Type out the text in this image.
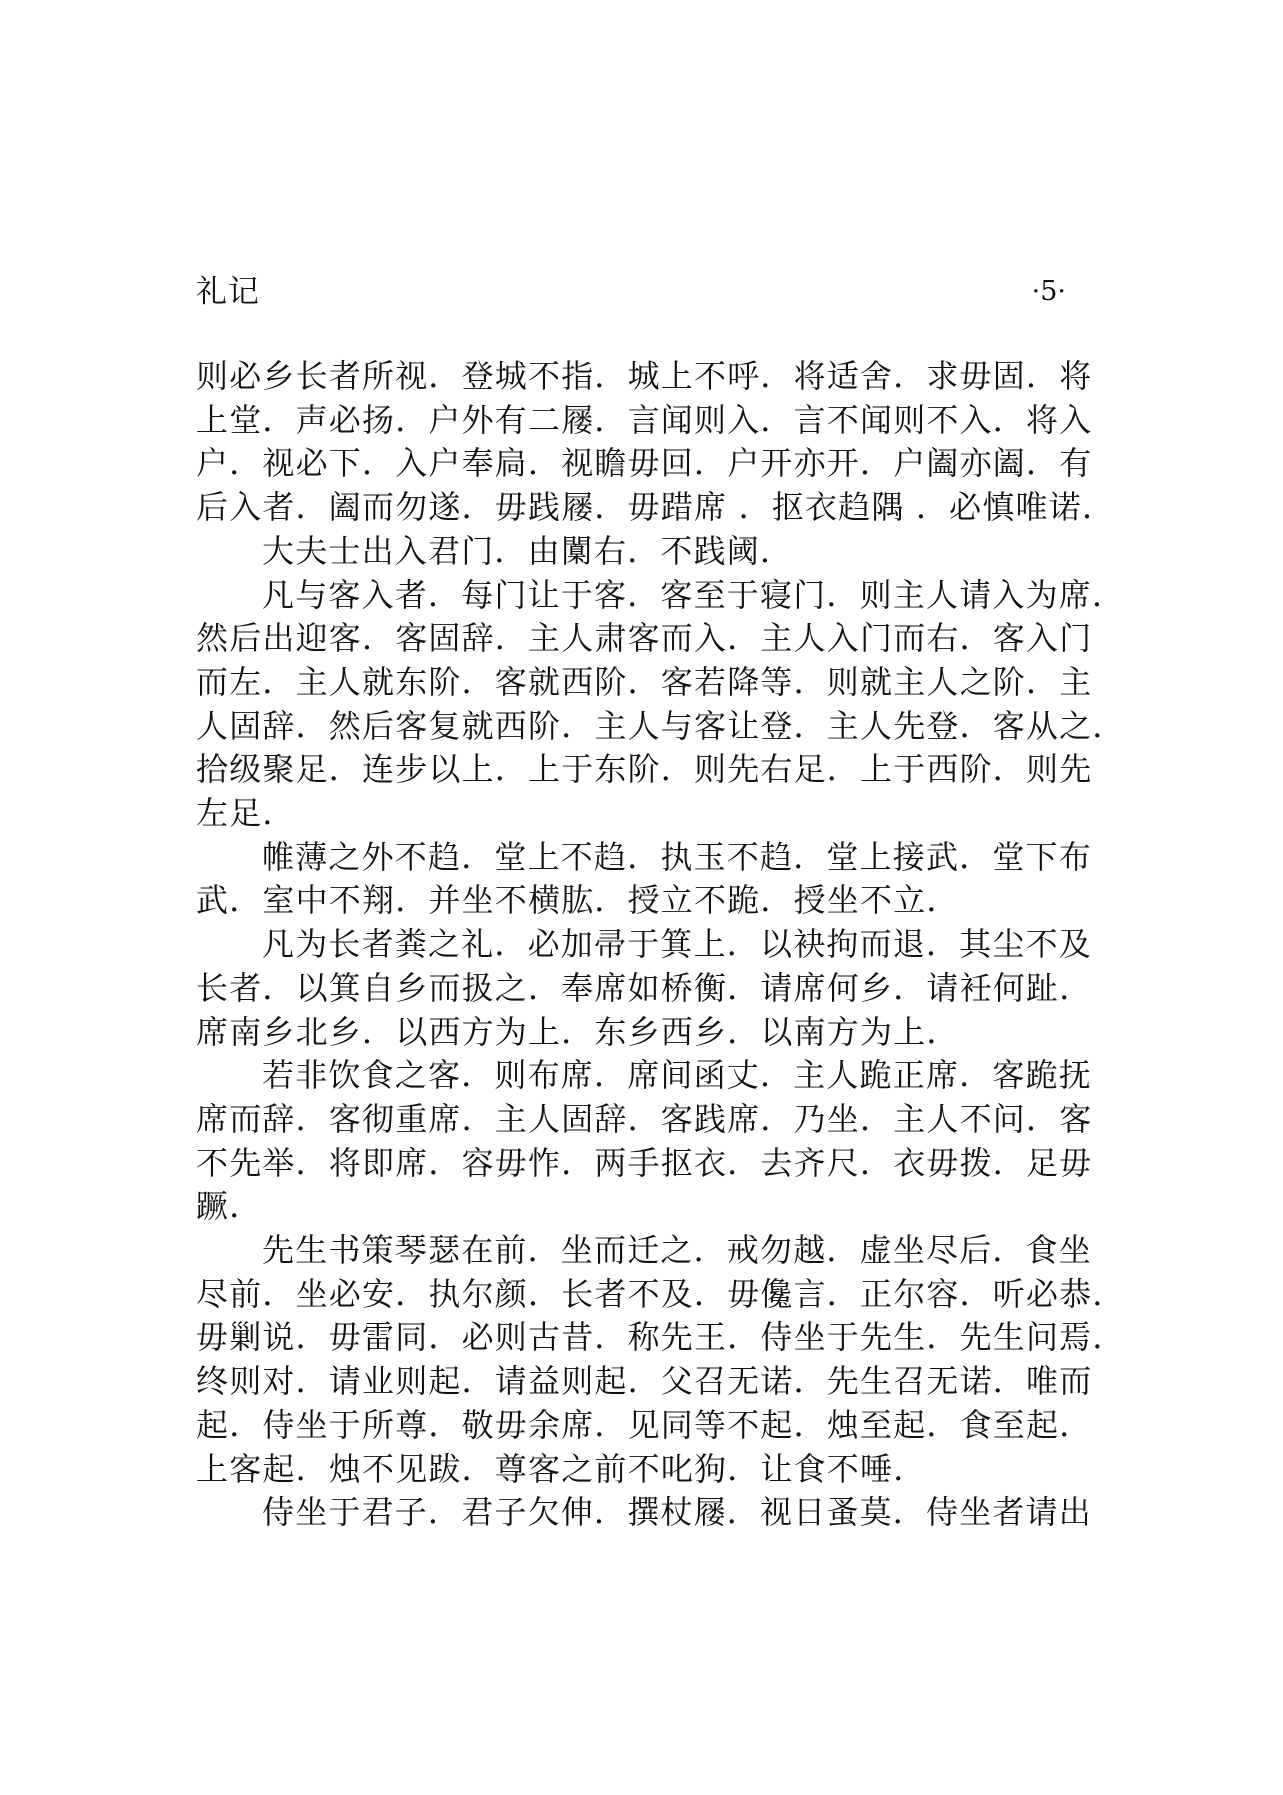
礼记	·5·

则必乡长者所视．登城不指．城上不呼．将适舍．求毋固．将
上堂．声必扬．户外有二屦．言闻则入．言不闻则不入．将入
户．视必下．入户奉扃．视瞻毋回．户开亦开．户阖亦阖．有
后入者．阖而勿遂．毋践屦．毋踖席 ．抠衣趋隅 ．必慎唯诺．

大夫士出入君门．由闑右．不践阈．

凡与客入者．每门让于客．客至于寝门．则主人请入为席．
然后出迎客．客固辞．主人肃客而入．主人入门而右．客入门
而左．主人就东阶．客就西阶．客若降等．则就主人之阶．主
人固辞．然后客复就西阶．主人与客让登．主人先登．客从之．
拾级聚足．连步以上．上于东阶．则先右足．上于西阶．则先
左足．

帷薄之外不趋．堂上不趋．执玉不趋．堂上接武．堂下布
武．室中不翔．并坐不横肱．授立不跪．授坐不立．

凡为长者粪之礼．必加帚于箕上．以袂拘而退．其尘不及
长者．以箕自乡而扱之．奉席如桥衡．请席何乡．请衽何趾．
席南乡北乡．以西方为上．东乡西乡．以南方为上．

若非饮食之客．则布席．席间函丈．主人跪正席．客跪抚
席而辞．客彻重席．主人固辞．客践席．乃坐．主人不问．客
不先举．将即席．容毋怍．两手抠衣．去齐尺．衣毋拨．足毋
蹶．

先生书策琴瑟在前．坐而迁之．戒勿越．虚坐尽后．食坐
尽前．坐必安．执尔颜．长者不及．毋儳言．正尔容．听必恭．
毋剿说．毋雷同．必则古昔．称先王．侍坐于先生．先生问焉．
终则对．请业则起．请益则起．父召无诺．先生召无诺．唯而
起．侍坐于所尊．敬毋余席．见同等不起．烛至起．食至起．
上客起．烛不见跋．尊客之前不叱狗．让食不唾．

侍坐于君子．君子欠伸．撰杖屦．视日蚤莫．侍坐者请出
